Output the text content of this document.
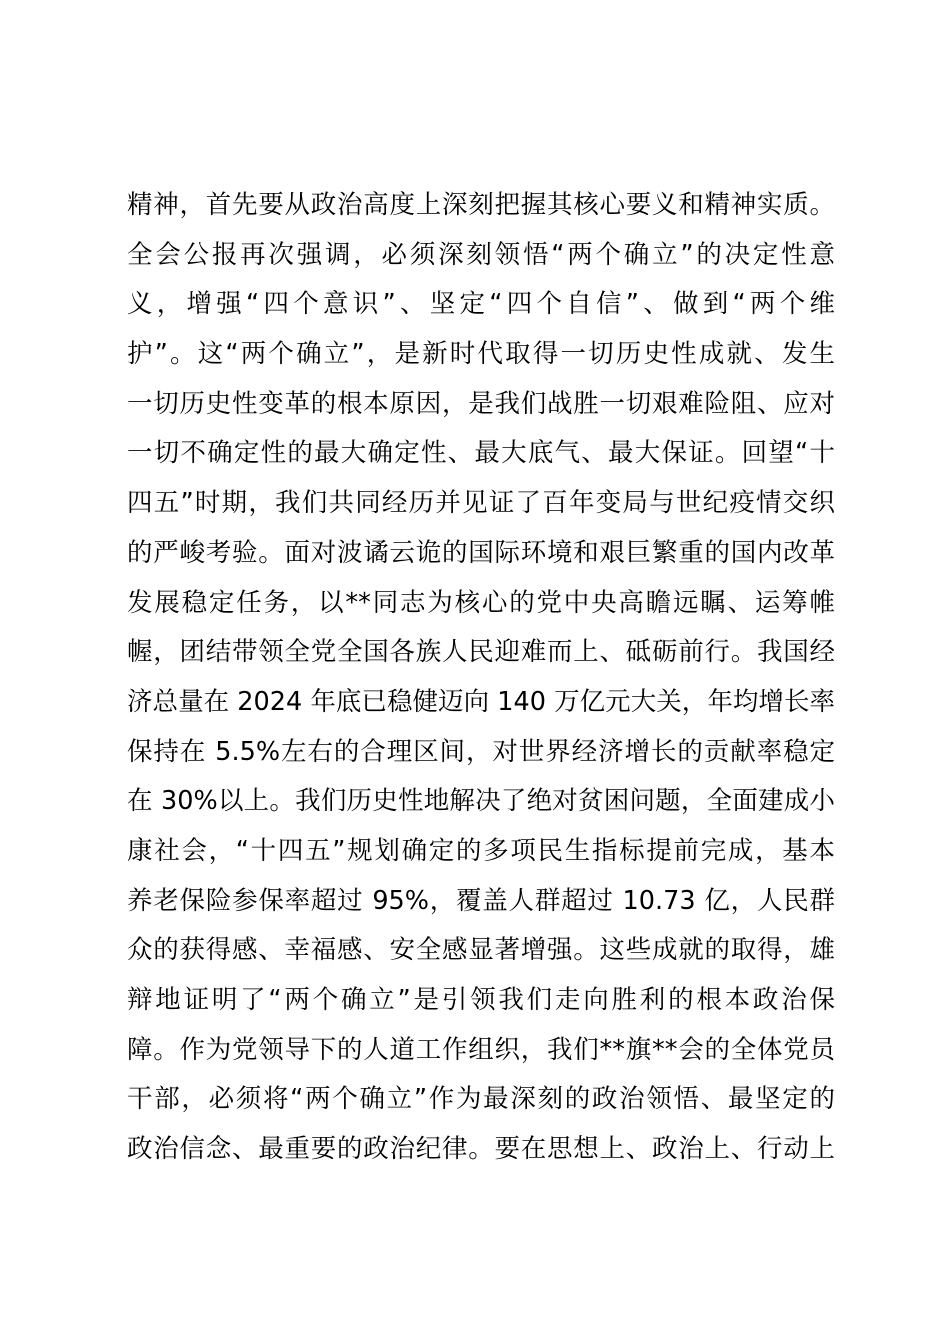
精神，首先要从政治高度上深刻把握其核心要义和精神实质。
全会公报再次强调，必须深刻领悟“两个确立”的决定性意
义，增强“四个意识”、坚定“四个自信”、做到“两个维
护”。这“两个确立”，是新时代取得一切历史性成就、发生
一切历史性变革的根本原因，是我们战胜一切艰难险阻、应对
一切不确定性的最大确定性、最大底气、最大保证。回望“十
四五”时期，我们共同经历并见证了百年变局与世纪疫情交织
的严峻考验。面对波谲云诡的国际环境和艰巨繁重的国内改革
发展稳定任务，以**同志为核心的党中央高瞻远瞩、运筹帷
幄，团结带领全党全国各族人民迎难而上、砥砺前行。我国经
济总量在 2024 年底已稳健迈向 140 万亿元大关，年均增长率
保持在 5.5%左右的合理区间，对世界经济增长的贡献率稳定
在 30%以上。我们历史性地解决了绝对贫困问题，全面建成小
康社会，“十四五”规划确定的多项民生指标提前完成，基本
养老保险参保率超过 95%，覆盖人群超过 10.73 亿，人民群
众的获得感、幸福感、安全感显著增强。这些成就的取得，雄
辩地证明了“两个确立”是引领我们走向胜利的根本政治保
障。作为党领导下的人道工作组织，我们**旗**会的全体党员
干部，必须将“两个确立”作为最深刻的政治领悟、最坚定的
政治信念、最重要的政治纪律。要在思想上、政治上、行动上
